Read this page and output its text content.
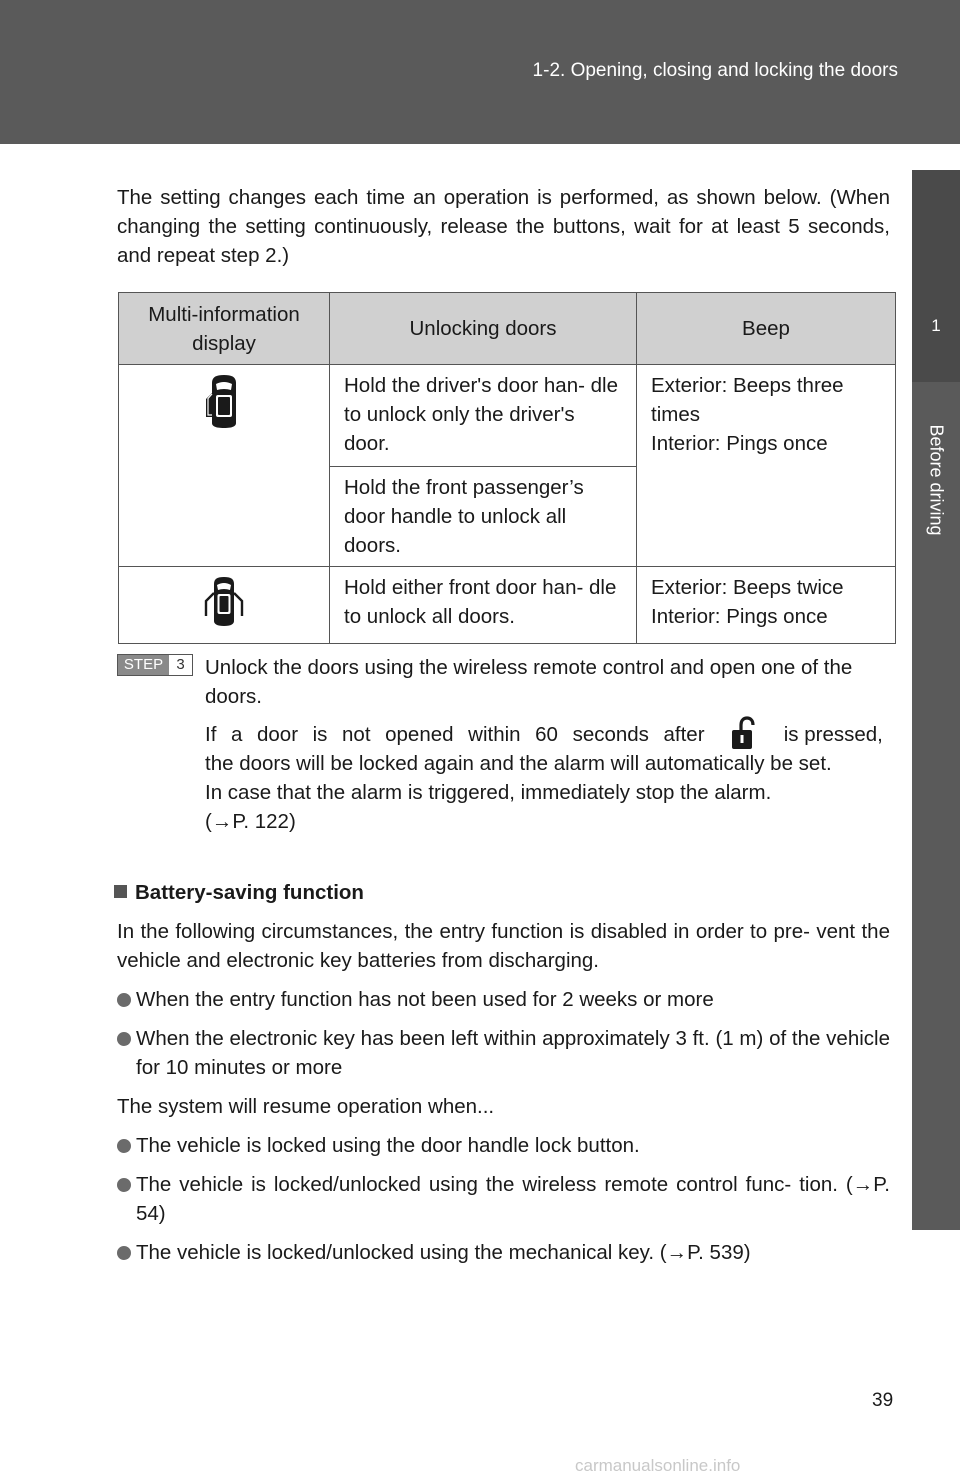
1-2. Opening, closing and locking the doors
1
Before driving

The setting changes each time an operation is performed, as shown below. (When changing the setting continuously, release the buttons, wait for at least 5 seconds, and repeat step 2.)

Multi-information display	Unlocking doors	Beep
	Hold the driver's door han- dle to unlock only the driver's door.	Exterior: Beeps three times
Interior: Pings once

	Hold the front passenger’s door handle to unlock all doors.	
	Hold either front door han- dle to unlock all doors.	Exterior: Beeps twice
Interior: Pings once
STEP 3 Unlock the doors using the wireless remote control and open one of the doors.

If a door is not opened within 60 seconds after	is pressed,
the doors will be locked again and the alarm will automatically be set.
In case that the alarm is triggered, immediately stop the alarm.
(→P. 122)
Battery-saving function

In the following circumstances, the entry function is disabled in order to pre- vent the vehicle and electronic key batteries from discharging.

When the entry function has not been used for 2 weeks or more
When the electronic key has been left within approximately 3 ft. (1 m) of the vehicle for 10 minutes or more

The system will resume operation when...

The vehicle is locked using the door handle lock button.
The vehicle is locked/unlocked using the wireless remote control func- tion. (→P. 54)
The vehicle is locked/unlocked using the mechanical key. (→P. 539)
39
carmanualsonline.info
